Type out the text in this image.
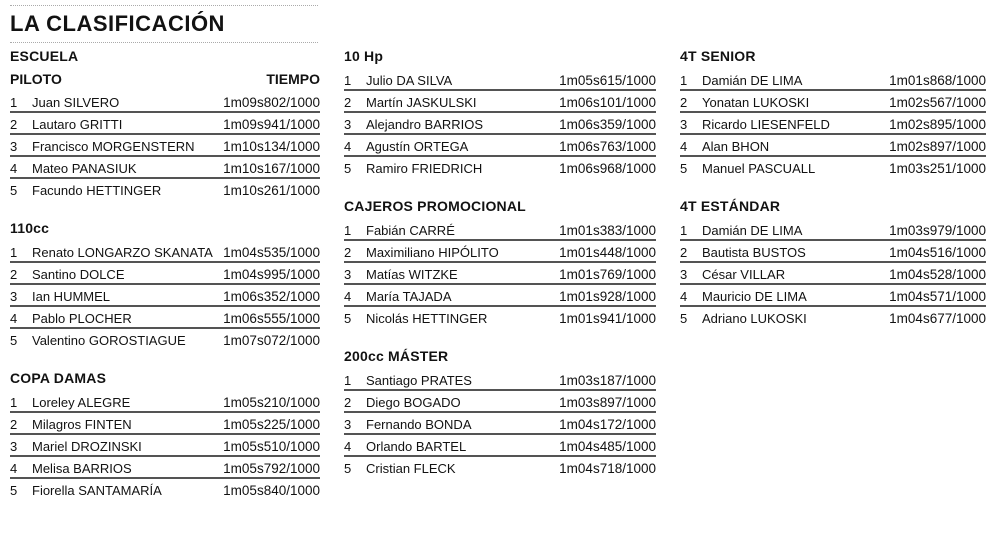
LA CLASIFICACIÓN
ESCUELA
PILOTO	TIEMPO
1	Juan SILVERO	1m09s802/1000
2	Lautaro GRITTI	1m09s941/1000
3	Francisco MORGENSTERN	1m10s134/1000
4	Mateo PANASIUK	1m10s167/1000
5	Facundo HETTINGER	1m10s261/1000
110cc
1	Renato LONGARZO SKANATA 1m04s535/1000
2	Santino DOLCE	1m04s995/1000
3	Ian HUMMEL	1m06s352/1000
4	Pablo PLOCHER	1m06s555/1000
5	Valentino GOROSTIAGUE	1m07s072/1000
COPA DAMAS
1	Loreley ALEGRE	1m05s210/1000
2	Milagros FINTEN	1m05s225/1000
3	Mariel DROZINSKI	1m05s510/1000
4	Melisa BARRIOS	1m05s792/1000
5	Fiorella SANTAMARÍA	1m05s840/1000
10 Hp
1	Julio DA SILVA	1m05s615/1000
2	Martín JASKULSKI	1m06s101/1000
3	Alejandro BARRIOS	1m06s359/1000
4	Agustín ORTEGA	1m06s763/1000
5	Ramiro FRIEDRICH	1m06s968/1000
CAJEROS PROMOCIONAL
1	Fabián CARRÉ	1m01s383/1000
2	Maximiliano HIPÓLITO	1m01s448/1000
3	Matías WITZKE	1m01s769/1000
4	María TAJADA	1m01s928/1000
5	Nicolás HETTINGER	1m01s941/1000
200cc MÁSTER
1	Santiago PRATES	1m03s187/1000
2	Diego BOGADO	1m03s897/1000
3	Fernando BONDA	1m04s172/1000
4	Orlando BARTEL	1m04s485/1000
5	Cristian FLECK	1m04s718/1000
4T SENIOR
1	Damián DE LIMA	1m01s868/1000
2	Yonatan LUKOSKI	1m02s567/1000
3	Ricardo LIESENFELD	1m02s895/1000
4	Alan BHON	1m02s897/1000
5	Manuel PASCUALL	1m03s251/1000
4T ESTÁNDAR
1	Damián DE LIMA	1m03s979/1000
2	Bautista BUSTOS	1m04s516/1000
3	César VILLAR	1m04s528/1000
4	Mauricio DE LIMA	1m04s571/1000
5	Adriano LUKOSKI	1m04s677/1000
